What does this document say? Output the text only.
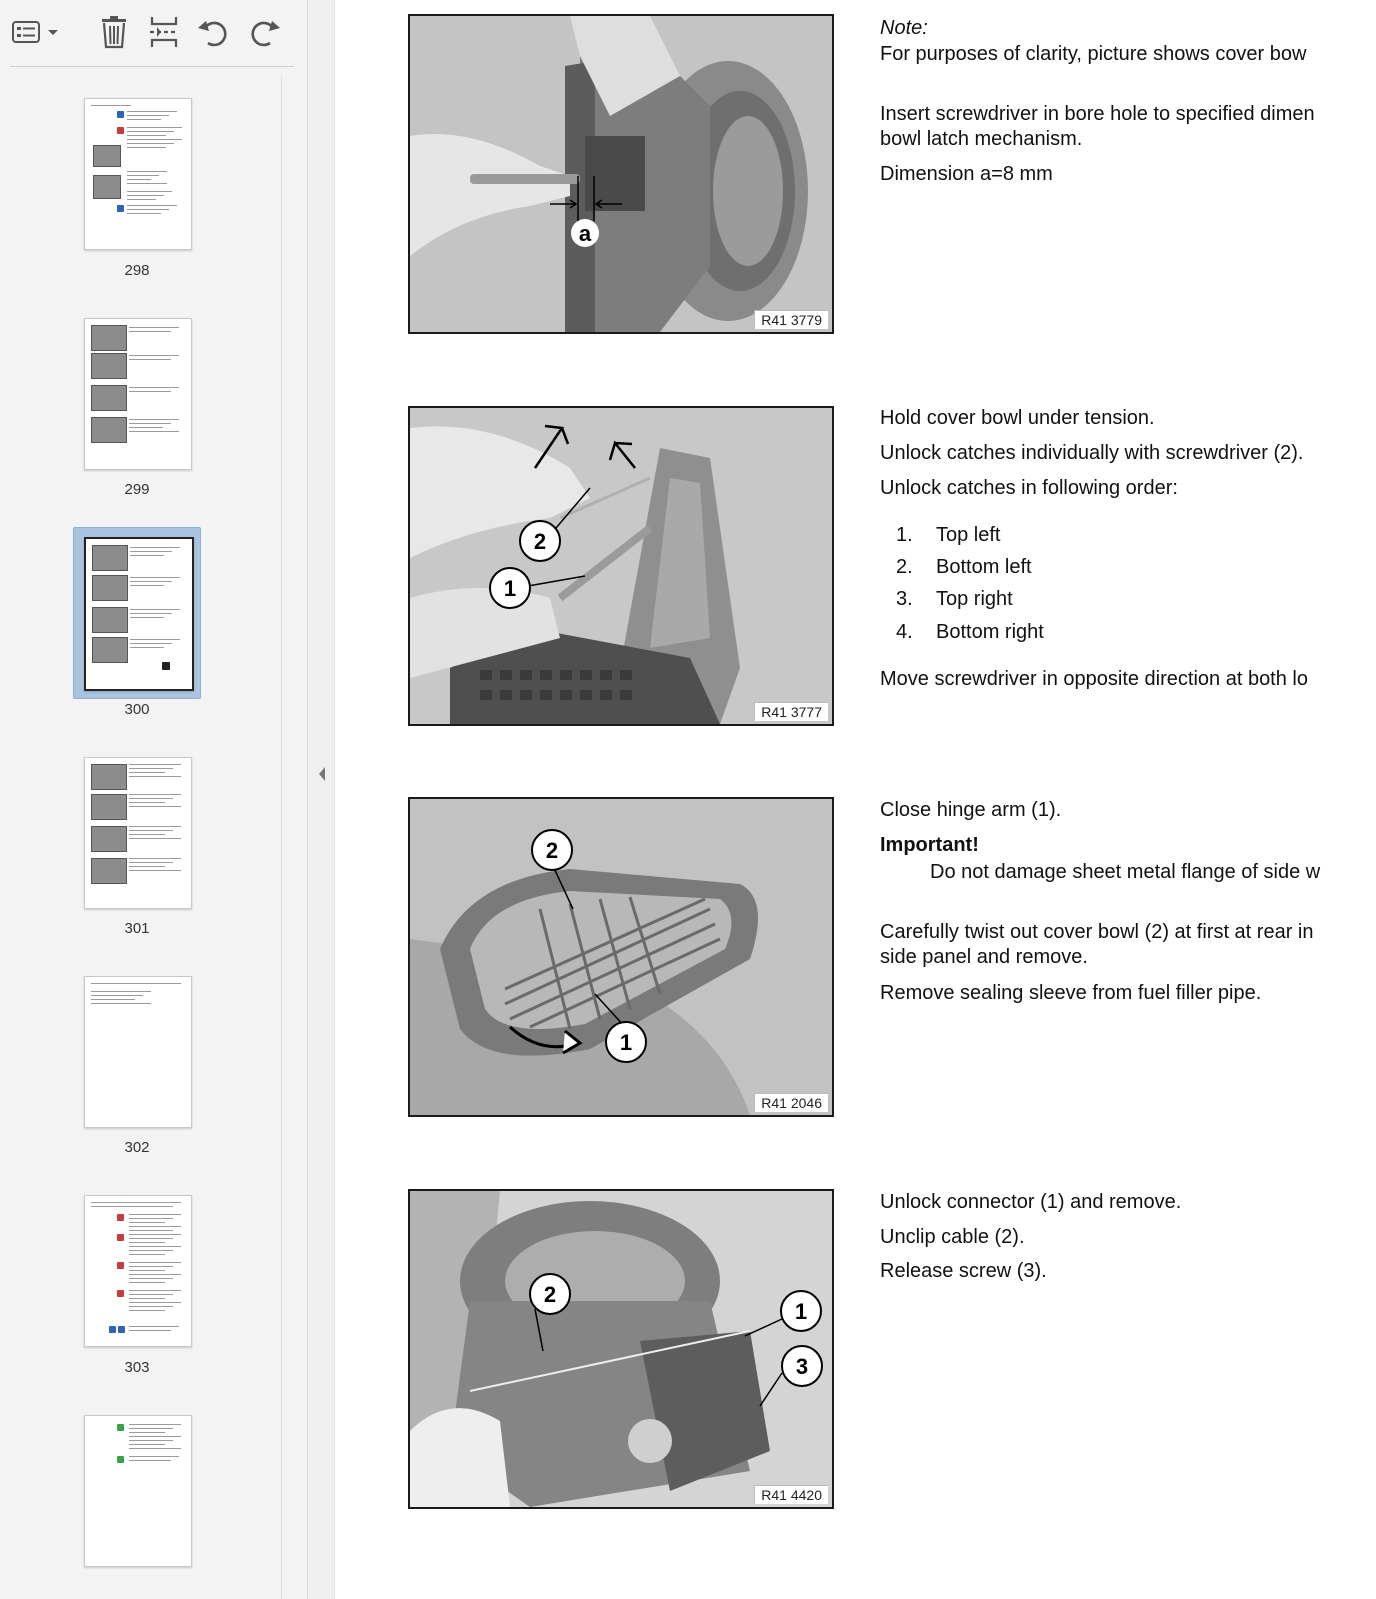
298
299
300
301
302
303
a
R41 3779
2
1
R41 3777
2
1
R41 2046
2
1
3
R41 4420
Note:
For purposes of clarity, picture shows cover bow
Insert screwdriver in bore hole to specified dimen
bowl latch mechanism.
Dimension a=8 mm
Hold cover bowl under tension.
Unlock catches individually with screwdriver (2).
Unlock catches in following order:
1. Top left
2. Bottom left
3. Top right
4. Bottom right
Move screwdriver in opposite direction at both lo
Close hinge arm (1).
Important!
Do not damage sheet metal flange of side w
Carefully twist out cover bowl (2) at first at rear in
side panel and remove.
Remove sealing sleeve from fuel filler pipe.
Unlock connector (1) and remove.
Unclip cable (2).
Release screw (3).
